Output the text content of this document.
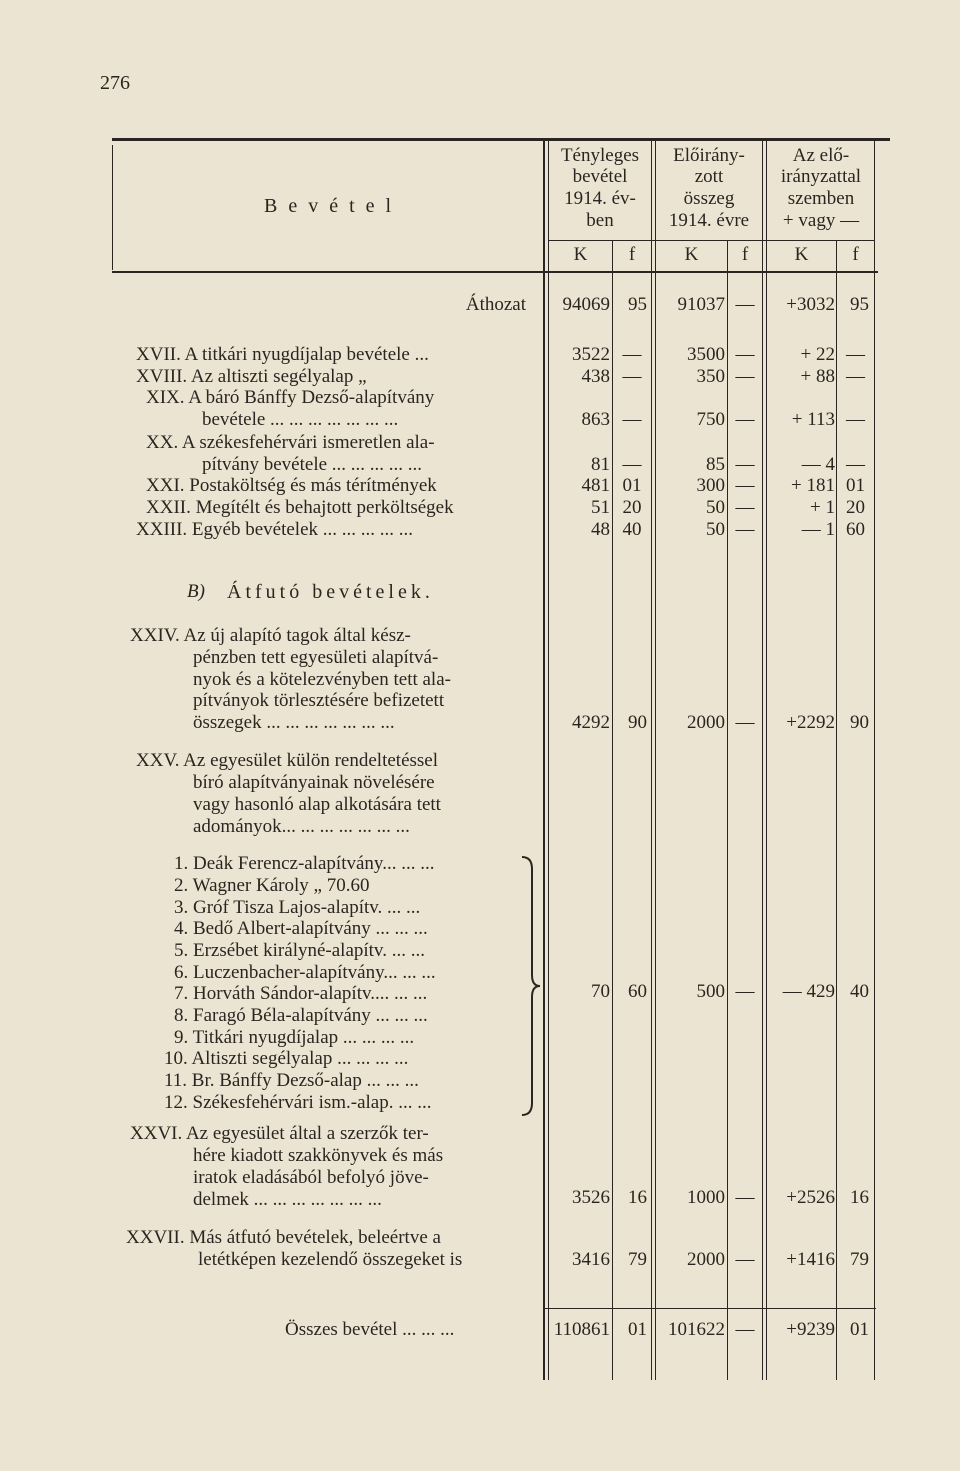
276
B e v é t e l
Tényleges
bevétel
1914. év-
ben
Előirány-
zott
összeg
1914. évre
Az elő-
irányzattal
szemben
+ vagy —
K	f	K	f	K	f
Áthozat	94069 95	91037 —	+3032 95
XVII. A titkári nyugdíjalap bevétele ...	3522 —	3500 —	+ 22 —
XVIII. Az altiszti segélyalap „	438 —	350 —	+ 88 —
XIX. A báró Bánffy Dezső-alapítvány
bevétele ... ... ... ... ... ... ...	863 —	750 —	+ 113 —
XX. A székesfehérvári ismeretlen ala-
pítvány bevétele ... ... ... ... ...	81 —	85 —	— 4 —
XXI. Postaköltség és más térítmények	481 01	300 —	+ 181 01
XXII. Megítélt és behajtott perköltségek	51 20	50 —	+ 1 20
XXIII. Egyéb bevételek ... ... ... ... ...	48 40	50 —	— 1 60
B) Átfutó bevételek.
XXIV. Az új alapító tagok által kész-
pénzben tett egyesületi alapítvá-
nyok és a kötelezvényben tett ala-
pítványok törlesztésére befizetett
összegek ... ... ... ... ... ... ...	4292 90	2000 —	+2292 90
XXV. Az egyesület külön rendeltetéssel
bíró alapítványainak növelésére
vagy hasonló alap alkotására tett
adományok... ... ... ... ... ... ...
1. Deák Ferencz-alapítvány... ... ...
2. Wagner Károly „ 70.60
3. Gróf Tisza Lajos-alapítv. ... ...
4. Bedő Albert-alapítvány ... ... ...
5. Erzsébet királyné-alapítv. ... ...
6. Luczenbacher-alapítvány... ... ...
7. Horváth Sándor-alapítv.... ... ...
8. Faragó Béla-alapítvány ... ... ...
9. Titkári nyugdíjalap ... ... ... ...
10. Altiszti segélyalap ... ... ... ...
11. Br. Bánffy Dezső-alap ... ... ...
12. Székesfehérvári ism.-alap. ... ...
70 60	500 —	— 429 40
XXVI. Az egyesület által a szerzők ter-
hére kiadott szakkönyvek és más
iratok eladásából befolyó jöve-
delmek ... ... ... ... ... ... ...	3526 16	1000 —	+2526 16
XXVII. Más átfutó bevételek, beleértve a
letétképen kezelendő összegeket is	3416 79	2000 —	+1416 79
Összes bevétel ... ... ...	110861 01	101622 —	+9239 01
